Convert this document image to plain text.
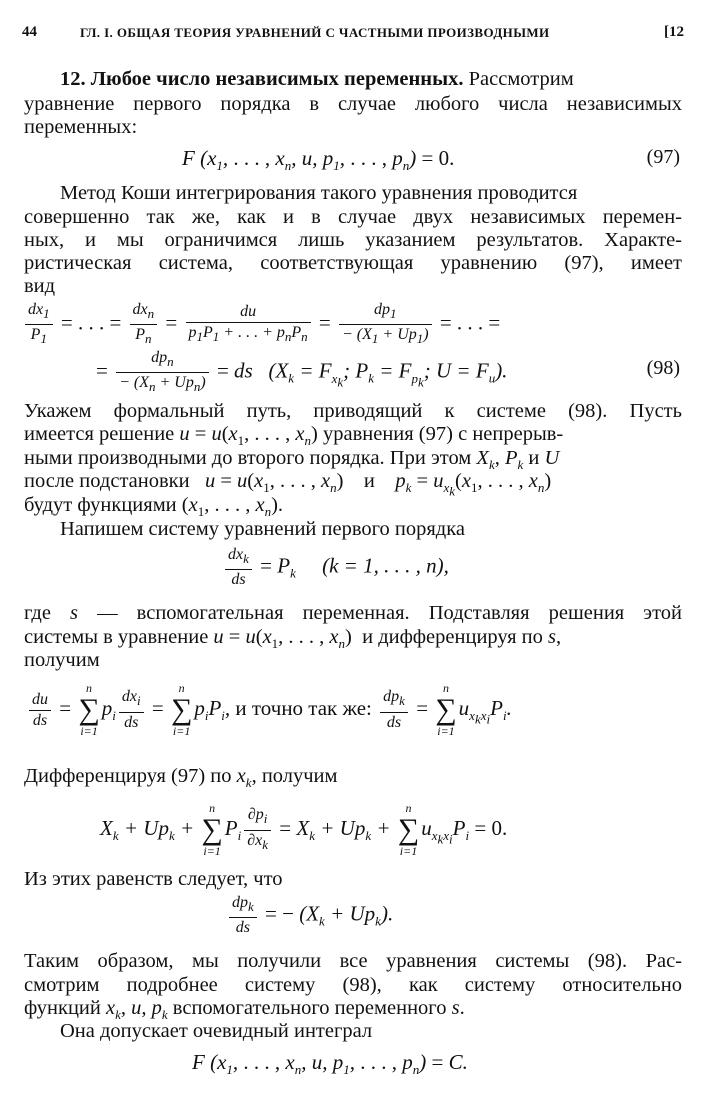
44	ГЛ. I. ОБЩАЯ ТЕОРИЯ УРАВНЕНИЙ С ЧАСТНЫМИ ПРОИЗВОДНЫМИ	[12
12. Любое число независимых переменных. Рассмотрим
уравнение первого порядка в случае любого числа независимых
переменных:
F ($x_1$, . . . , $x_n$, u, $p_1$, . . . , $p_n) = 0$.	(97)
Метод Коши интегрирования такого уравнения проводится
совершенно так же, как и в случае двух независимых перемен-
ных, и мы ограничимся лишь указанием результатов. Характе-
ристическая система, соответствующая уравнению (97), имеет
вид
$\frac{dx_1}{P_1}$ = . . . = $\frac{dx_n}{P_n} = \frac{du}{p_1P_1 + . . . + p_nP_n} = \frac{dp_1}{- (X_1 + Up_1)}$ = . . . =
= $\frac{dp_n}{- (X_n + Up_n)}$ = ds   ($X_k = F_{x_k}$; $P_k = F_{p_k}$; $U = F_u$).	(98)
Укажем формальный путь, приводящий к системе (98). Пусть
имеется решение $u = u(x_1$, . . . , $x_n$) уравнения (97) с непрерыв-
ными производными до второго порядка. При этом $X_k$, $P_k$ и U
после подстановки $u = u(x_1$, . . . , $x_n$)    и $p_k = u_{x_k}(x_1$, . . . , $x_n$)
будут функциями ($x_1$, . . . , $x_n$).
Напишем систему уравнений первого порядка
$\frac{dx_k}{ds} = P_k$ (k = 1, . . . , n),
где s — вспомогательная переменная. Подставляя решения этой
системы в уравнение $u = u(x_1$, . . . , $x_n$)  и дифференцируя по s,
получим
$\frac{du}{ds}$ =
n
∑
i=1
$p_i \frac{dx_i}{ds}$ =
n
∑
i=1
$p_iP_i$, и точно так же: $\frac{dp_k}{ds}$ =
n
∑
i=1
$u_{x_kx_i}P_i$.
Дифференцируя (97) по $x_k$, получим
$X_k + Up_k$ +
n
∑
i=1
$P_i \frac{\partial p_i}{\partial x_k} = X_k + Up_k$ +
n
∑
i=1
$u_{x_kx_i}P_i = 0$.
Из этих равенств следует, что
$\frac{dp_k}{ds}$ = − $(X_k + Up_k)$.
Таким образом, мы получили все уравнения системы (98). Рас-
смотрим подробнее систему (98), как систему относительно
функций $x_k$, u, $p_k$ вспомогательного переменного s.
Она допускает очевидный интеграл
F ($x_1$, . . . , $x_n$, u, $p_1$, . . . , $p_n) = C$.
